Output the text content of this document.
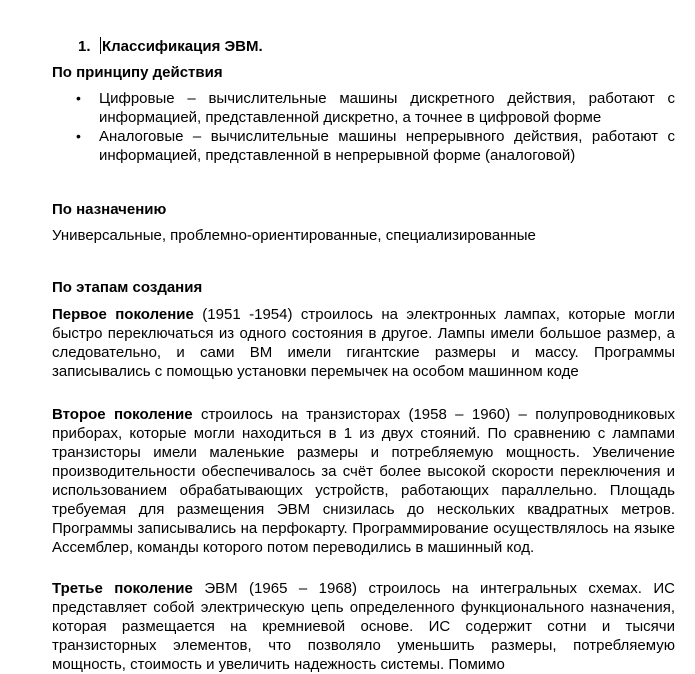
1. Классификация ЭВМ.
По принципу действия
• Цифровые – вычислительные машины дискретного действия, работают с информацией, представленной дискретно, а точнее в цифровой форме
• Аналоговые – вычислительные машины непрерывного действия, работают с информацией, представленной в непрерывной форме (аналоговой)
По назначению
Универсальные, проблемно-ориентированные, специализированные
По этапам создания

Первое поколение (1951 -1954) строилось на электронных лампах, которые могли быстро переключаться из одного состояния в другое. Лампы имели большое размер, а следовательно, и сами ВМ имели гигантские размеры и массу. Программы записывались с помощью установки перемычек на особом машинном коде

Второе поколение строилось на транзисторах (1958 – 1960) – полупроводниковых приборах, которые могли находиться в 1 из двух стояний. По сравнению с лампами транзисторы имели маленькие размеры и потребляемую мощность. Увеличение производительности обеспечивалось за счёт более высокой скорости переключения и использованием обрабатывающих устройств, работающих параллельно. Площадь требуемая для размещения ЭВМ снизилась до нескольких квадратных метров. Программы записывались на перфокарту. Программирование осуществлялось на языке Ассемблер, команды которого потом переводились в машинный код.

Третье поколение ЭВМ (1965 – 1968) строилось на интегральных схемах. ИС представляет собой электрическую цепь определенного функционального назначения, которая размещается на кремниевой основе. ИС содержит сотни и тысячи транзисторных элементов, что позволяло уменьшить размеры, потребляемую мощность, стоимость и увеличить надежность системы. Помимо
